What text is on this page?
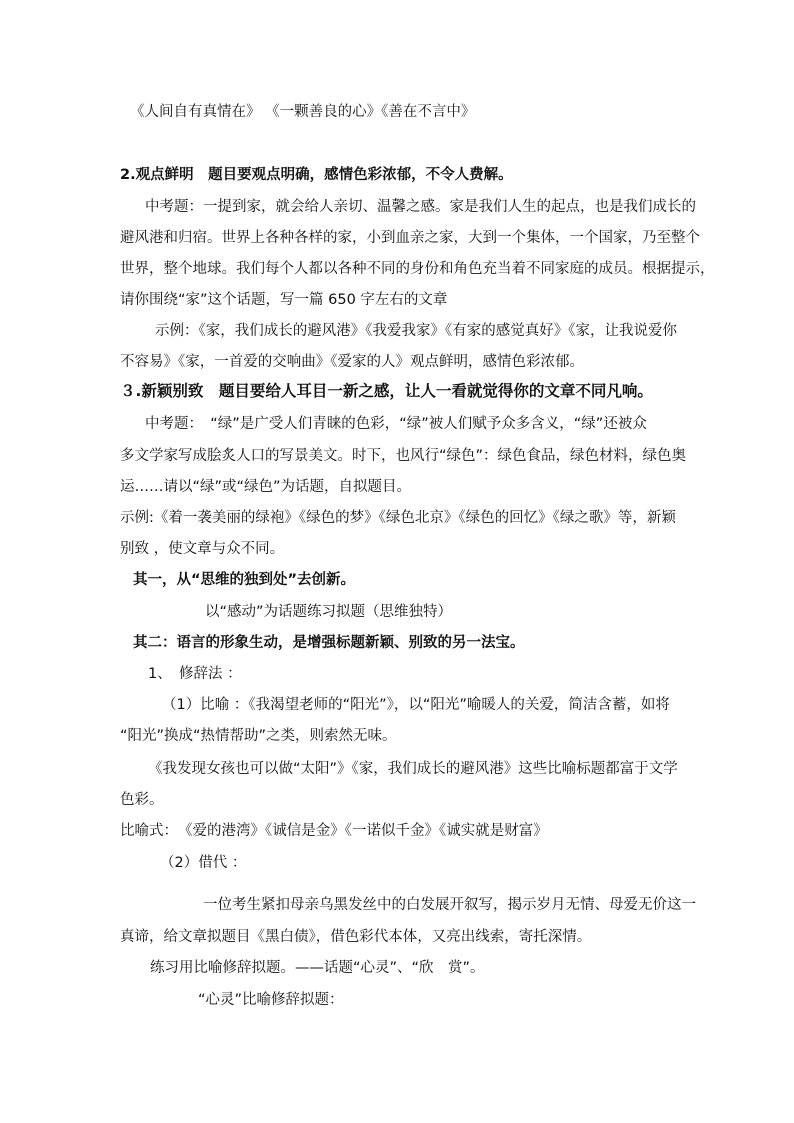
《人间自有真情在》 《一颗善良的心》《善在不言中》
2.观点鲜明　题目要观点明确，感情色彩浓郁，不令人费解。
中考题：一提到家，就会给人亲切、温馨之感。家是我们人生的起点，也是我们成长的
避风港和归宿。世界上各种各样的家，小到血亲之家，大到一个集体，一个国家，乃至整个
世界，整个地球。我们每个人都以各种不同的身份和角色充当着不同家庭的成员。根据提示，
请你围绕“家”这个话题，写一篇 650 字左右的文章
示例：《家，我们成长的避风港》《我爱我家》《有家的感觉真好》《家，让我说爱你
不容易》《家，一首爱的交响曲》《爱家的人》观点鲜明，感情色彩浓郁。
３.新颖别致　题目要给人耳目一新之感，让人一看就觉得你的文章不同凡响。
中考题：　“绿”是广受人们青睐的色彩，“绿”被人们赋予众多含义，“绿”还被众
多文学家写成脍炙人口的写景美文。时下，也风行“绿色”：绿色食品，绿色材料，绿色奥
运……请以“绿”或“绿色”为话题，自拟题目。
示例:《着一袭美丽的绿袍》《绿色的梦》《绿色北京》《绿色的回忆》《绿之歌》等，新颖
别致 ，使文章与众不同。
其一，从“思维的独到处”去创新。
以“感动”为话题练习拟题（思维独特）
其二：语言的形象生动，是增强标题新颖、别致的另一法宝。
1、　修辞法 ：
（1）比喻 ：《我渴望老师的“阳光”》，以“阳光”喻暖人的关爱，简洁含蓄，如将
“阳光”换成“热情帮助”之类，则索然无味。
《我发现女孩也可以做“太阳”》《家，我们成长的避风港》这些比喻标题都富于文学
色彩。
比喻式：　《爱的港湾》《诚信是金》《一诺似千金》《诚实就是财富》
（2）借代 ：
一位考生紧扣母亲乌黑发丝中的白发展开叙写，揭示岁月无情、母爱无价这一
真谛，给文章拟题目《黑白债》，借色彩代本体，又亮出线索，寄托深情。
练习用比喻修辞拟题。——话题“心灵”、“欣　赏”。
“心灵”比喻修辞拟题：
